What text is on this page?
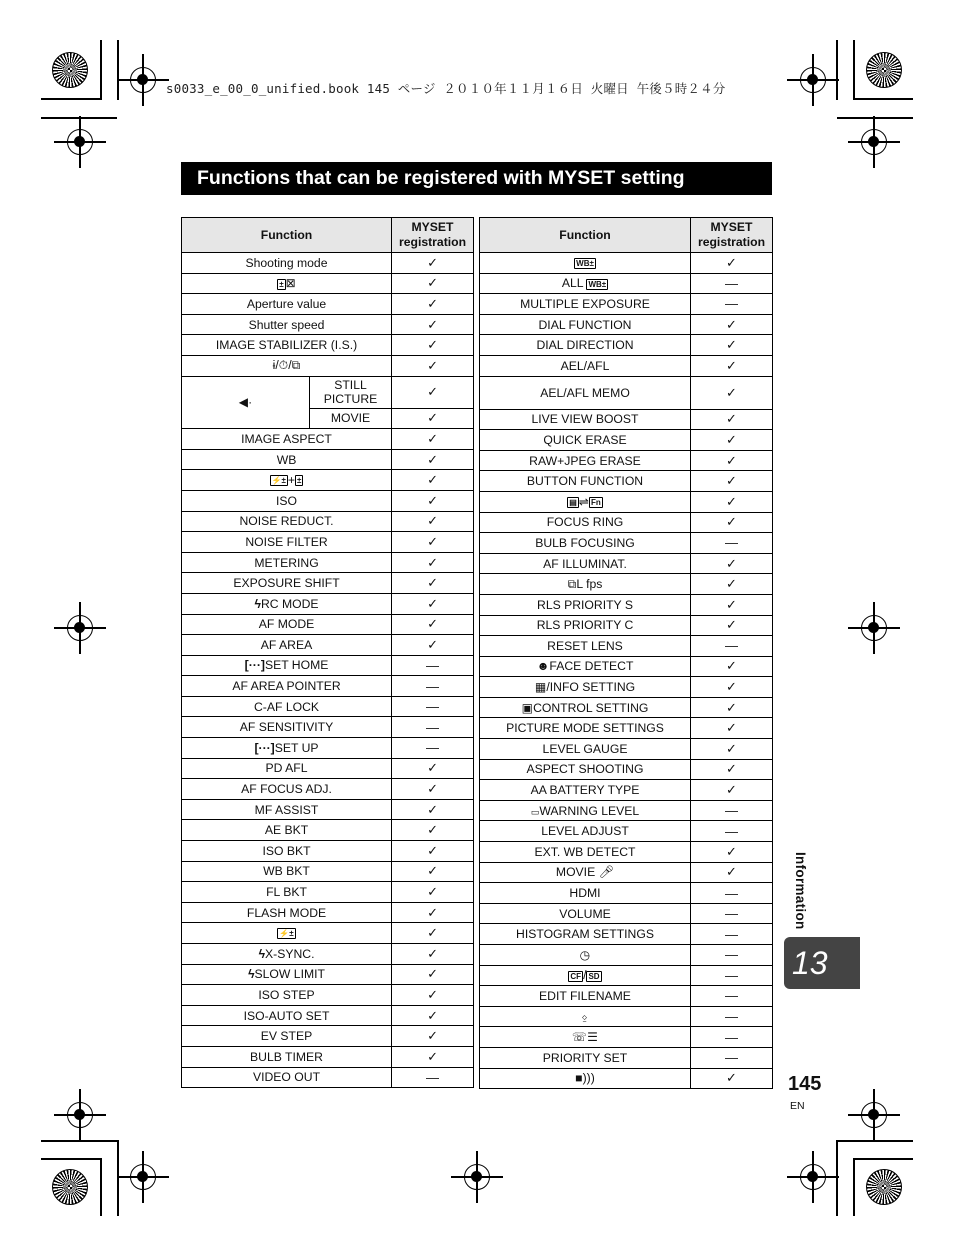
s0033_e_00_0_unified.book 145 ページ ２０１０年１１月１６日 火曜日 午後５時２４分
Functions that can be registered with MYSET setting
Function		MYSET
registration
Shooting mode		✓
± ⊠		✓
Aperture value		✓
Shutter speed		✓
IMAGE STABILIZER (I.S.)		✓
ɨ/⏱/⧉		✓
◀·	STILL PICTURE	✓
	MOVIE	✓
IMAGE ASPECT		✓
WB		✓
⚡± + ±		✓
ISO		✓
NOISE REDUCT.		✓
NOISE FILTER		✓
METERING		✓
EXPOSURE SHIFT		✓
ϟRC MODE		✓
AF MODE		✓
AF AREA		✓
[···]SET HOME		—
AF AREA POINTER		—
C-AF LOCK		—
AF SENSITIVITY		—
[···]SET UP		—
PD AFL		✓
AF FOCUS ADJ.		✓
MF ASSIST		✓
AE BKT		✓
ISO BKT		✓
WB BKT		✓
FL BKT		✓
FLASH MODE		✓
⚡±		✓
ϟX-SYNC.		✓
ϟSLOW LIMIT		✓
ISO STEP		✓
ISO-AUTO SET		✓
EV STEP		✓
BULB TIMER		✓
VIDEO OUT		—
Function	MYSET
registration
WB±	✓
ALL WB±	—
MULTIPLE EXPOSURE	—
DIAL FUNCTION	✓
DIAL DIRECTION	✓
AEL/AFL	✓
AEL/AFL MEMO	✓
LIVE VIEW BOOST	✓
QUICK ERASE	✓
RAW+JPEG ERASE	✓
BUTTON FUNCTION	✓
▤ ⇌ Fn	✓
FOCUS RING	✓
BULB FOCUSING	—
AF ILLUMINAT.	✓
⧉L fps	✓
RLS PRIORITY S	✓
RLS PRIORITY C	✓
RESET LENS	—
☻FACE DETECT	✓
▦/INFO SETTING	✓
▣CONTROL SETTING	✓
PICTURE MODE SETTINGS	✓
LEVEL GAUGE	✓
ASPECT SHOOTING	✓
AA BATTERY TYPE	✓
▭WARNING LEVEL	—
LEVEL ADJUST	—
EXT. WB DETECT	✓
MOVIE 🎤︎	✓
HDMI	—
VOLUME	—
HISTOGRAM SETTINGS	—
◷	—
CF / SD	—
EDIT FILENAME	—
⍚	—
☏☰	—
PRIORITY SET	—
■)))	✓
Information
13
145
EN
